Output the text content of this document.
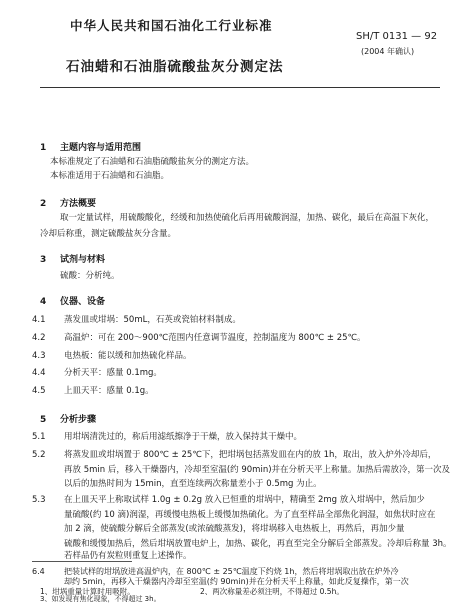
中华人民共和国石油化工行业标准
SH/T 0131 — 92
(2004 年确认)
石油蜡和石油脂硫酸盐灰分测定法
1 主题内容与适用范围
本标准规定了石油蜡和石油脂硫酸盐灰分的测定方法。
本标准适用于石油蜡和石油脂。
2 方法概要
取一定量试样，用硫酸酸化，经缓和加热使硫化后再用硫酸润湿，加热、碳化，最后在高温下灰化，冷却后称重，测定硫酸盐灰分含量。
3 试剂与材料
硫酸：分析纯。
4 仪器、设备
4.1 蒸发皿或坩埚：50mL，石英或瓷铂材料制成。
4.2 高温炉：可在 200～900℃范围内任意调节温度，控制温度为 800℃ ± 25℃。
4.3 电热板：能以缓和加热硫化样品。
4.4 分析天平：感量 0.1mg。
4.5 上皿天平：感量 0.1g。
5 分析步骤
5.1 用坩埚清洗过的，称后用滤纸擦净于干燥，放入保持其干燥中。
5.2 将蒸发皿或坩埚置于 800℃ ± 25℃下，把坩埚包括蒸发皿在内的放 1h，取出，放入炉外冷却后，
再放 5min 后，移入干燥器内，冷却至室温(约 90min)并在分析天平上称量。加热后需放冷，第一次及
以后的加热时间为 15min，直至连续两次称量差小于 0.5mg 为止。
5.3 在上皿天平上称取试样 1.0g ± 0.2g 放入已恒重的坩埚中，精确至 2mg 放入坩埚中，然后加少
量硫酸(约 10 滴)润湿，再缓慢电热板上缓慢加热硫化。为了直至样品全部焦化润湿，如焦状时应在
加 2 滴，使硫酸分解后全部蒸发(或浓硫酸蒸发)，将坩埚移入电热板上，再然后，再加少量
硫酸和缓慢加热后，然后坩埚放置电炉上，加热、碳化，再直至完全分解后全部蒸发。冷却后称量 3h。
若样品仍有炭粒则重复上述操作。
6.4 把装试样的坩埚放进高温炉内，在 800℃ ± 25℃温度下约烧 1h，然后将坩埚取出放在炉外冷
却约 5min，再移入干燥器内冷却至室温(约 90min)并在分析天平上称量，如此反复操作，第一次
1、坩埚重量计算时用吸附。	2、两次称量差必须注明，不得超过 0.5h。
3、如发现有焦化现象，不得超过 3h。
